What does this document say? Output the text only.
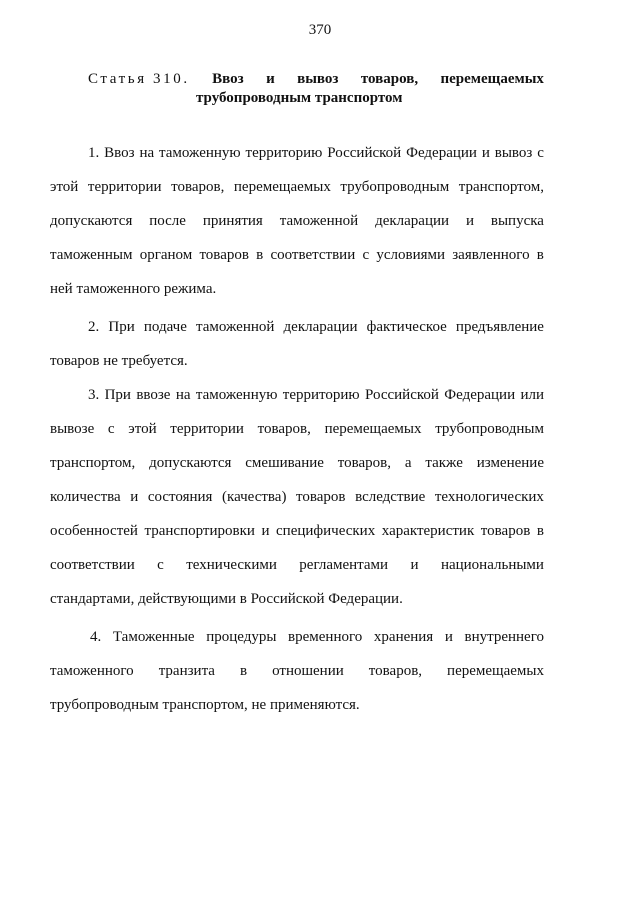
370
Статья 310. Ввоз и вывоз товаров, перемещаемых
трубопроводным транспортом
1. Ввоз на таможенную территорию Российской Федерации и вывоз с
этой территории товаров, перемещаемых трубопроводным транспортом,
допускаются после принятия таможенной декларации и выпуска
таможенным органом товаров в соответствии с условиями заявленного в
ней таможенного режима.
2. При подаче таможенной декларации фактическое предъявление
товаров не требуется.
3. При ввозе на таможенную территорию Российской Федерации или
вывозе с этой территории товаров, перемещаемых трубопроводным
транспортом, допускаются смешивание товаров, а также изменение
количества и состояния (качества) товаров вследствие технологических
особенностей транспортировки и специфических характеристик товаров в
соответствии с техническими регламентами и национальными
стандартами, действующими в Российской Федерации.
4. Таможенные процедуры временного хранения и внутреннего
таможенного транзита в отношении товаров, перемещаемых
трубопроводным транспортом, не применяются.
